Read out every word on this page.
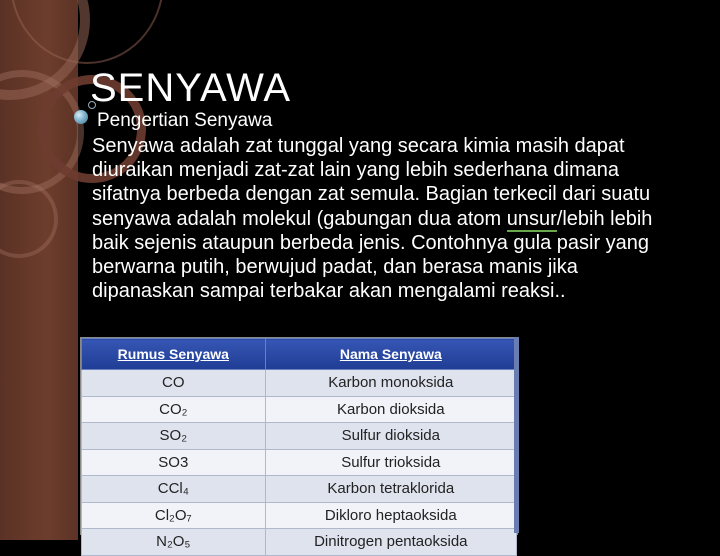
SENYAWA
Pengertian Senyawa
Senyawa adalah zat tunggal yang secara kimia masih dapat diuraikan menjadi zat-zat lain yang lebih sederhana dimana sifatnya berbeda dengan zat semula. Bagian terkecil dari suatu senyawa adalah molekul (gabungan dua atom unsur/lebih lebih baik sejenis ataupun berbeda jenis. Contohnya gula pasir yang berwarna putih, berwujud padat, dan berasa manis jika dipanaskan sampai terbakar akan mengalami reaksi..
Rumus Senyawa	Nama Senyawa
CO	Karbon monoksida
CO₂	Karbon dioksida
SO₂	Sulfur dioksida
SO3	Sulfur trioksida
CCl₄	Karbon tetraklorida
Cl₂O₇	Dikloro heptaoksida
N₂O₅	Dinitrogen pentaoksida
